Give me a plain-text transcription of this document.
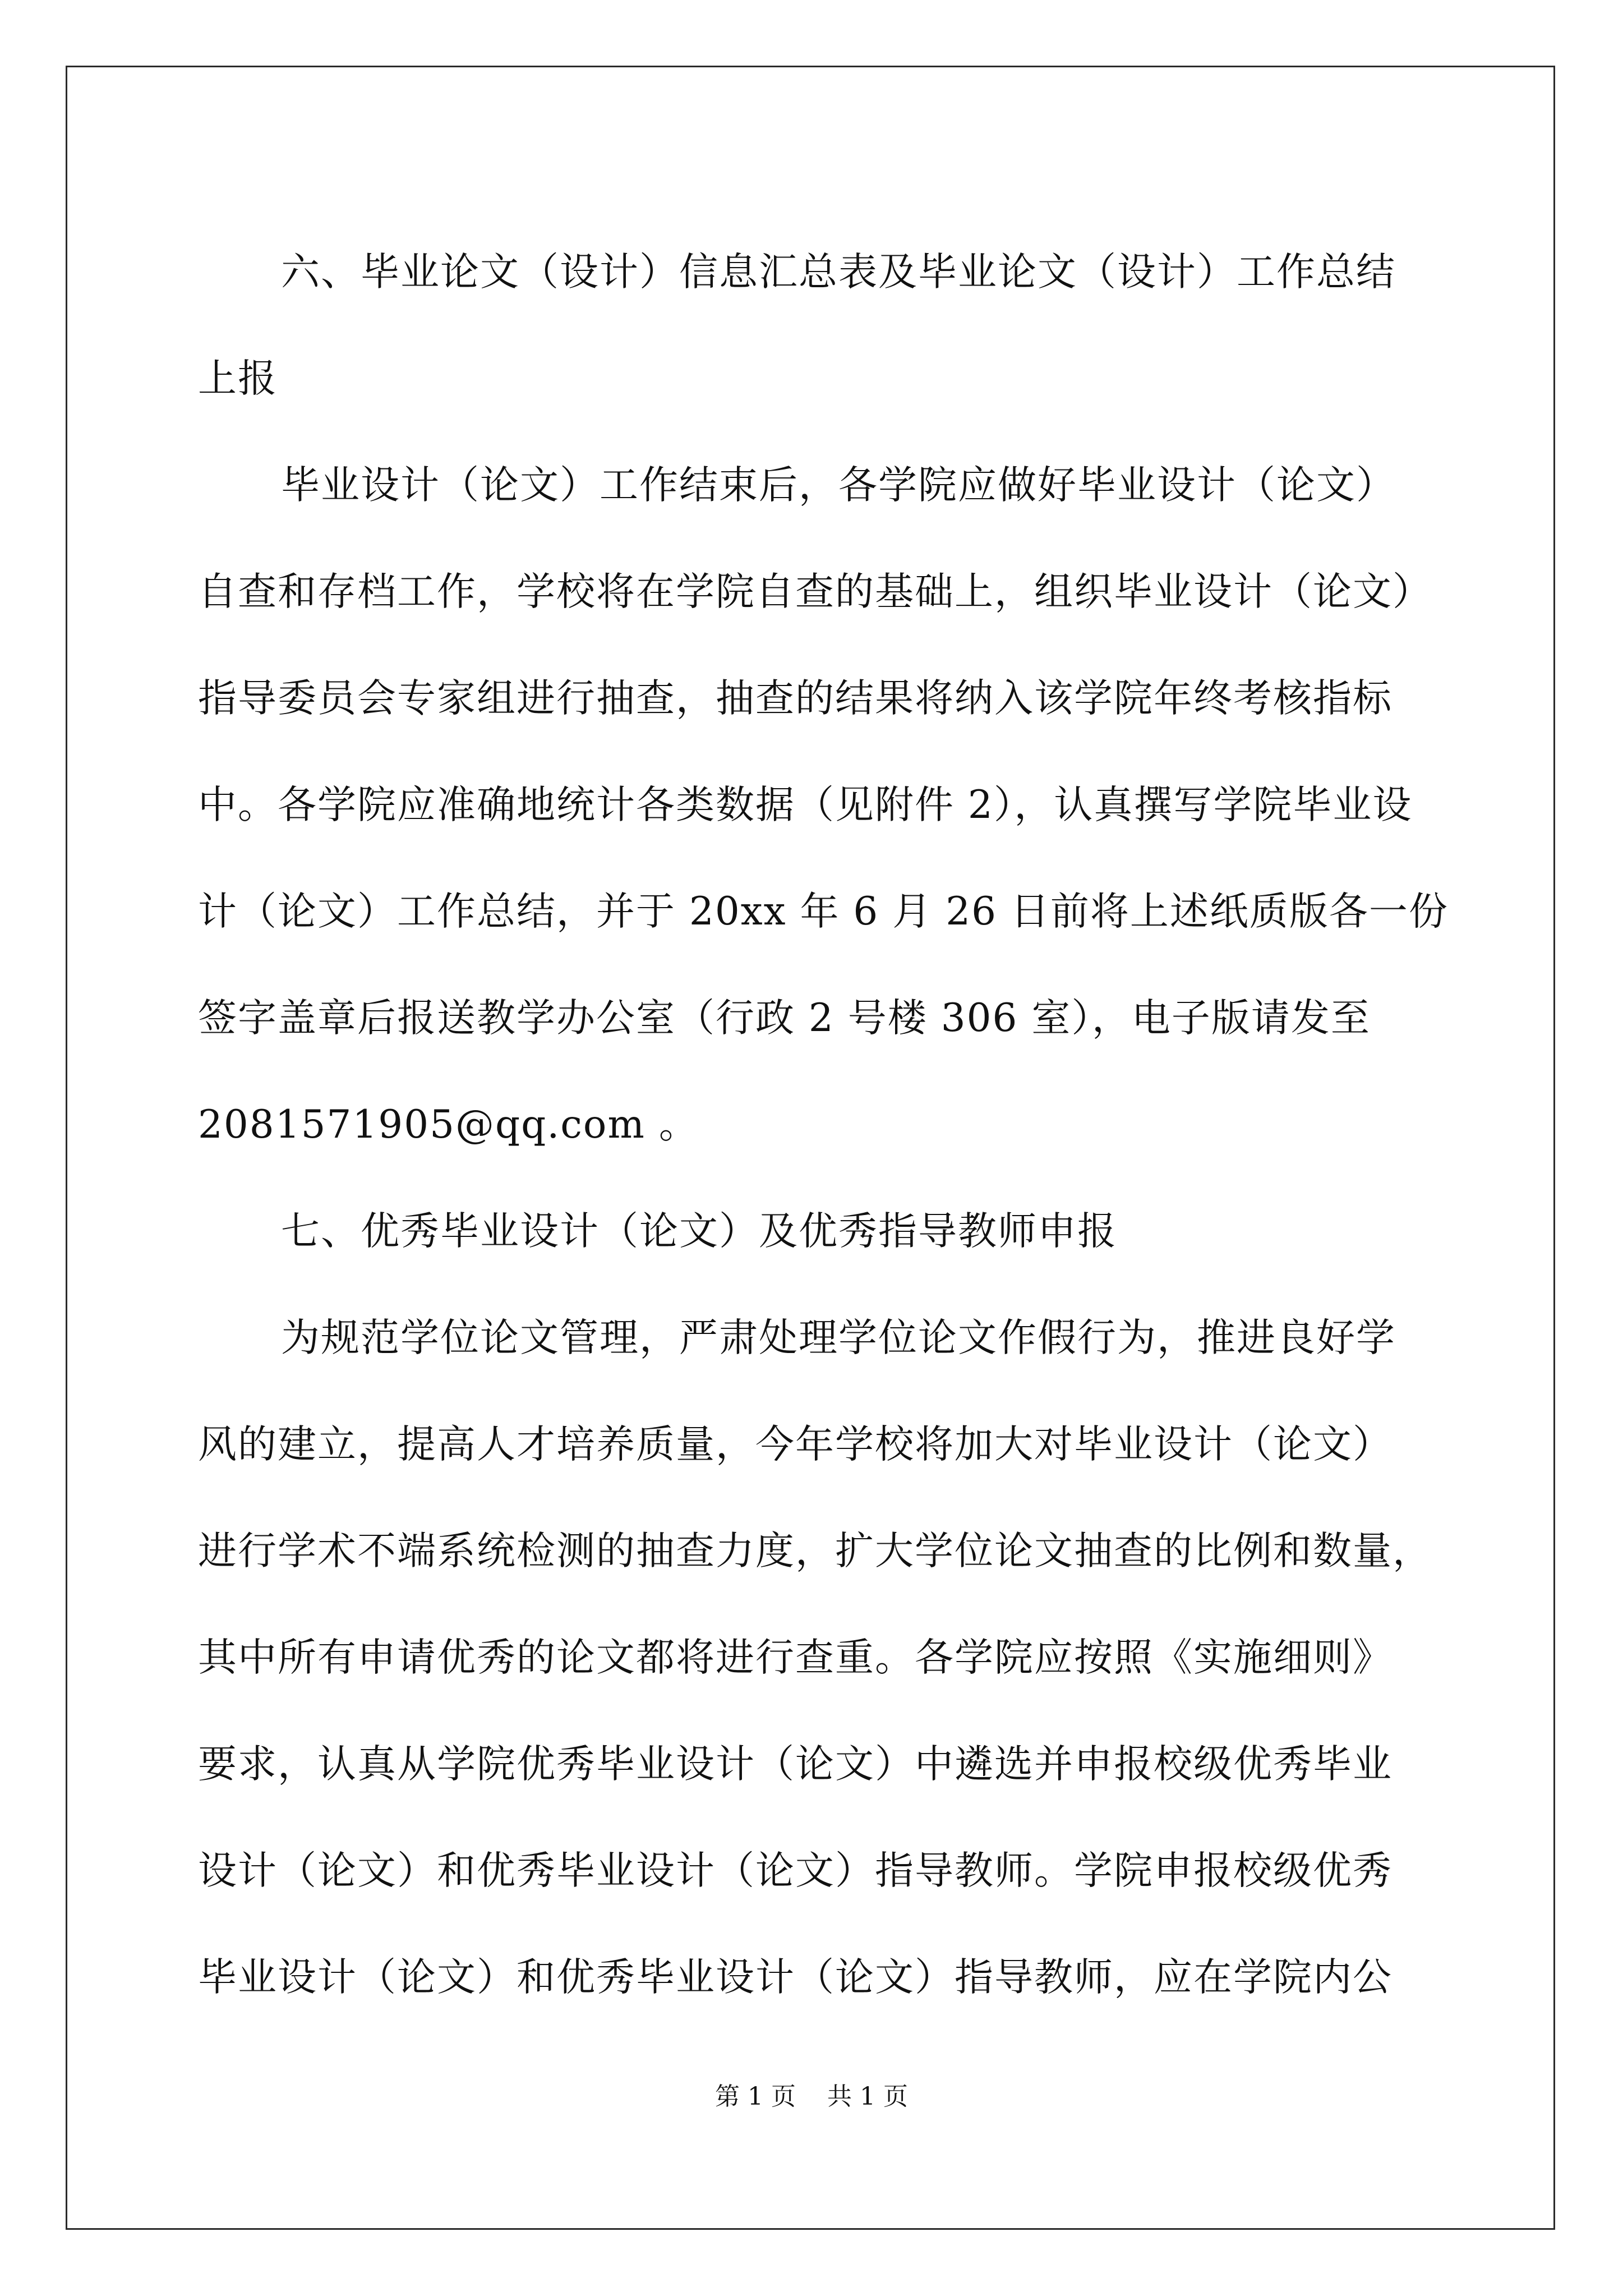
六、毕业论文（设计）信息汇总表及毕业论文（设计）工作总结
上报
毕业设计（论文）工作结束后，各学院应做好毕业设计（论文）
自查和存档工作，学校将在学院自查的基础上，组织毕业设计（论文）
指导委员会专家组进行抽查，抽查的结果将纳入该学院年终考核指标
中。各学院应准确地统计各类数据（见附件 2），认真撰写学院毕业设
计（论文）工作总结，并于 20xx 年 6 月 26 日前将上述纸质版各一份
签字盖章后报送教学办公室（行政 2 号楼 306 室），电子版请发至
2081571905@qq.com 。
七、优秀毕业设计（论文）及优秀指导教师申报
为规范学位论文管理，严肃处理学位论文作假行为，推进良好学
风的建立，提高人才培养质量，今年学校将加大对毕业设计（论文）
进行学术不端系统检测的抽查力度，扩大学位论文抽查的比例和数量，
其中所有申请优秀的论文都将进行查重。各学院应按照《实施细则》
要求，认真从学院优秀毕业设计（论文）中遴选并申报校级优秀毕业
设计（论文）和优秀毕业设计（论文）指导教师。学院申报校级优秀
毕业设计（论文）和优秀毕业设计（论文）指导教师，应在学院内公
第 1 页 共 1 页
